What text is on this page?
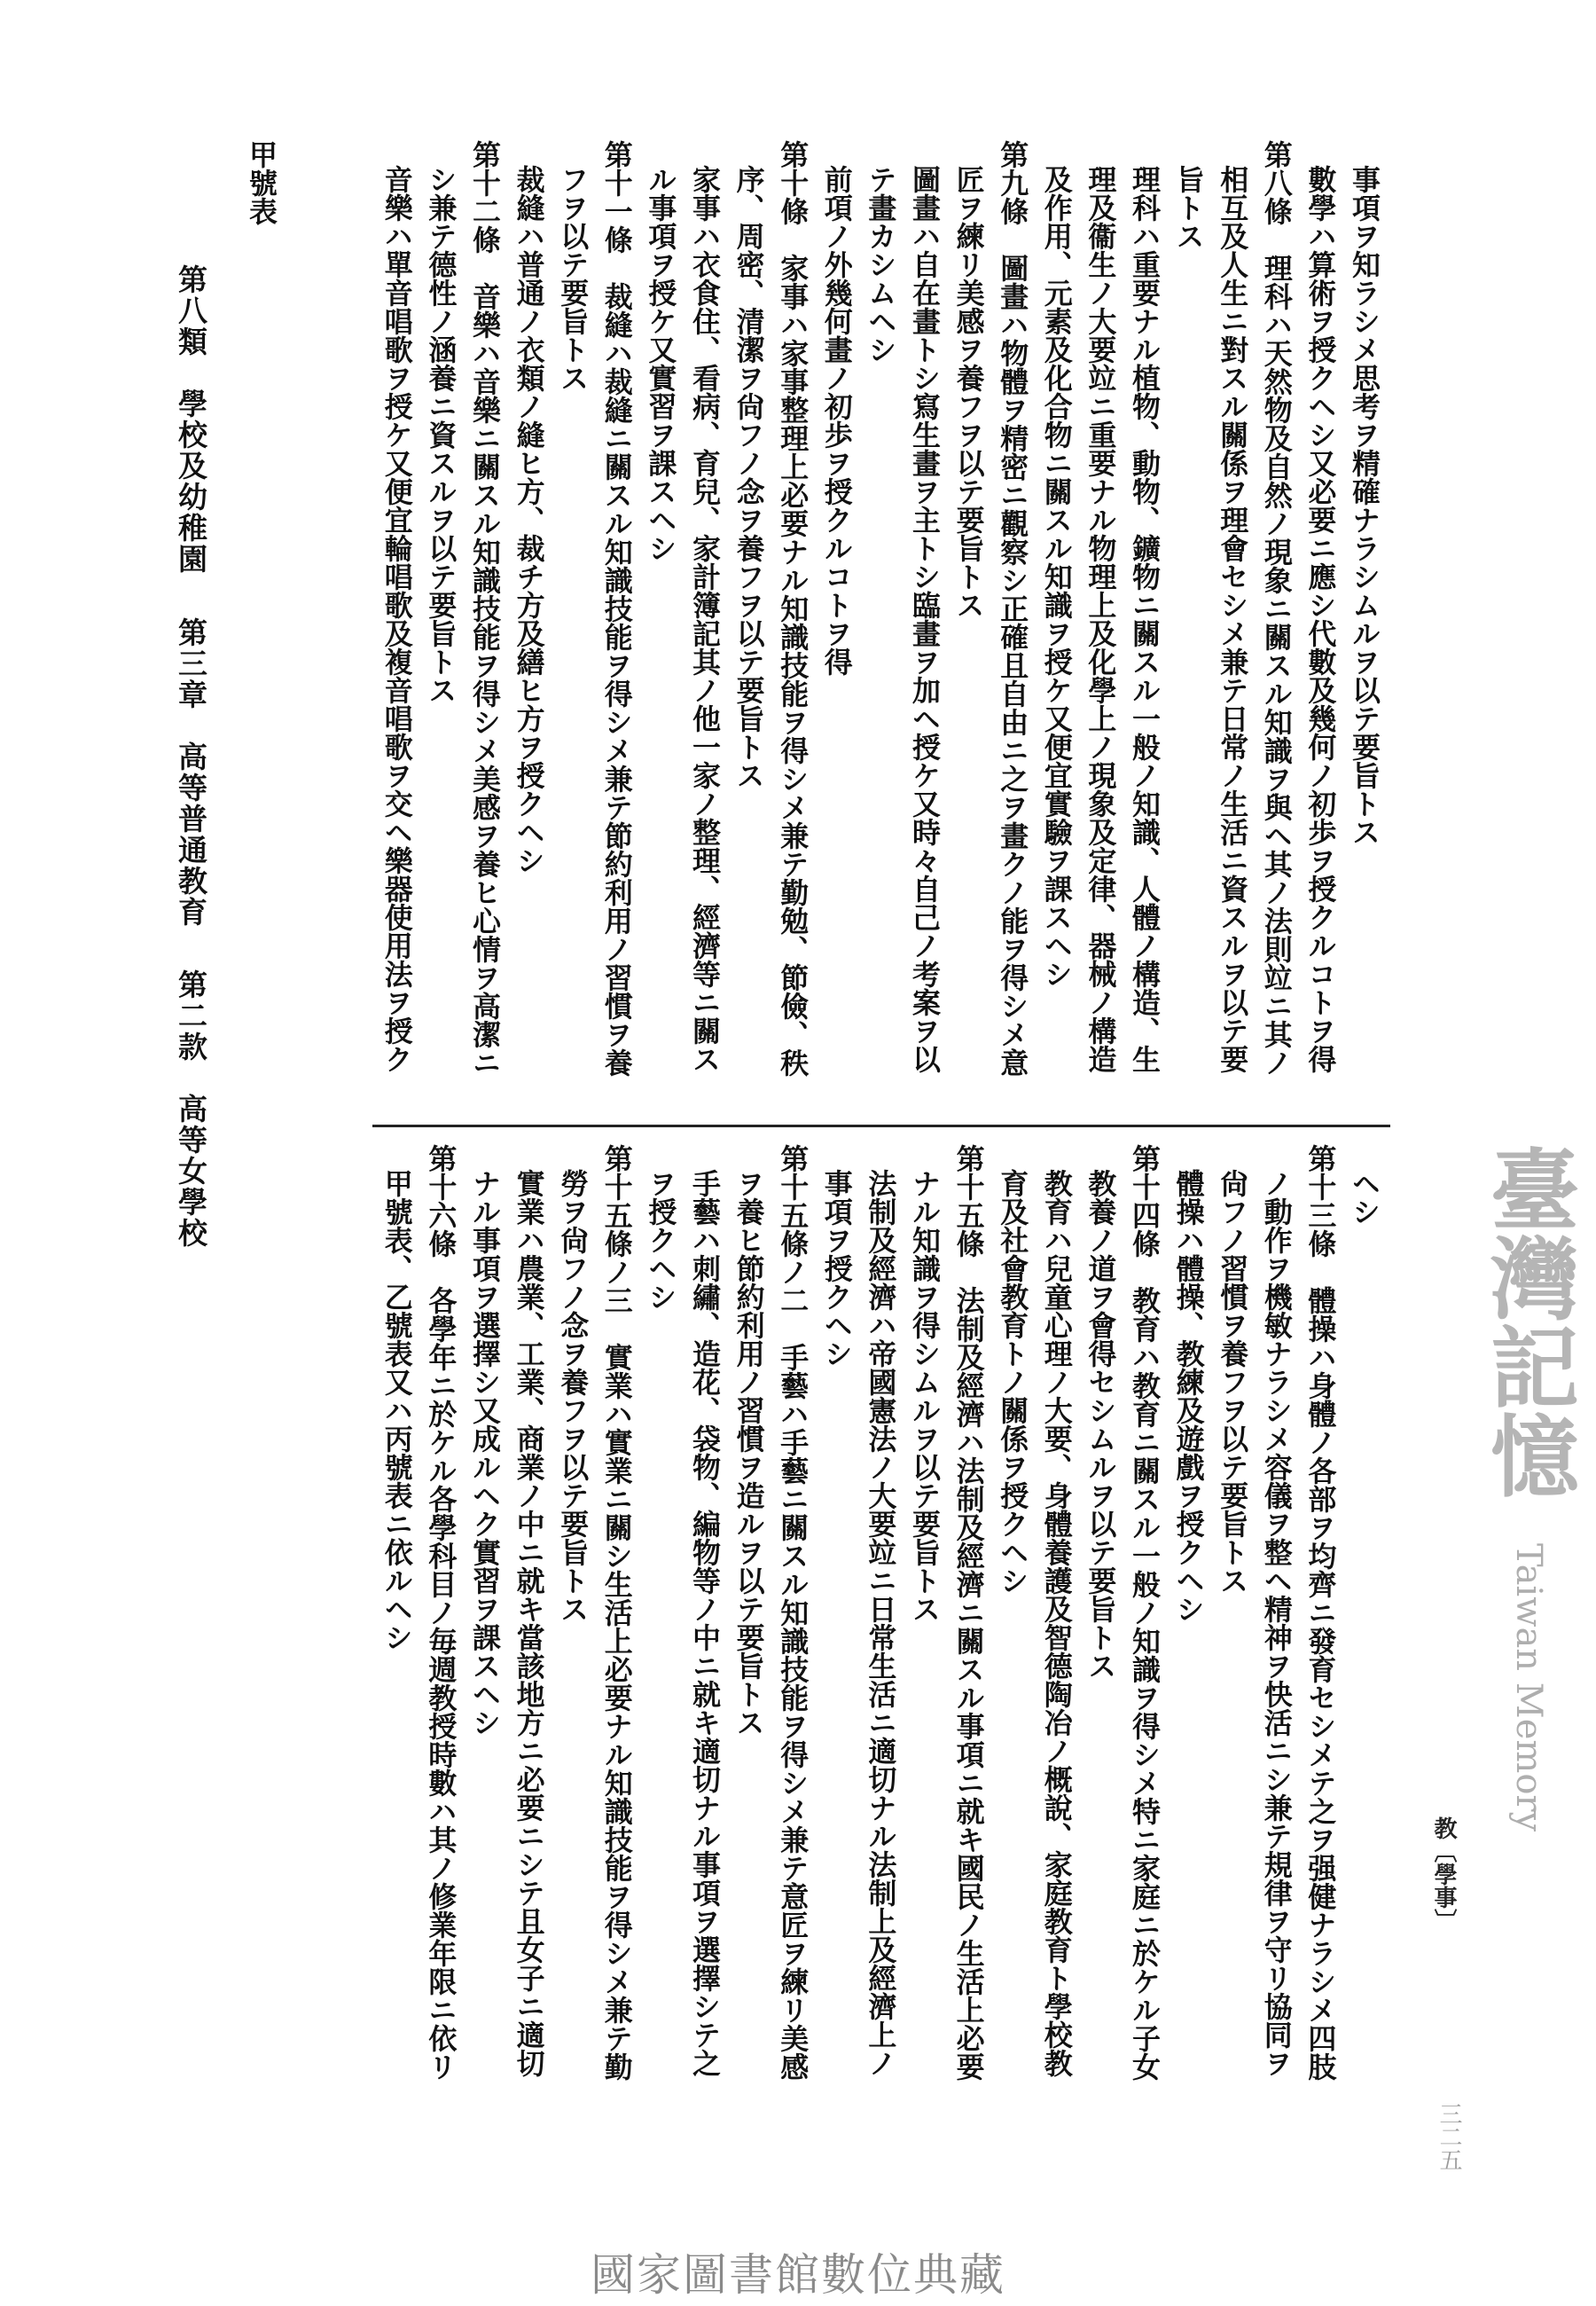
甲號表
第八類　學校及幼稚園 第三章　高等普通教育 第二款　高等女學校
教〔學事〕
三二五
臺灣記憶
Taiwan Memory
國家圖書館數位典藏
事項ヲ知ラシメ思考ヲ精確ナラシムルヲ以テ要旨トス
數學ハ算術ヲ授クヘシ又必要ニ應シ代數及幾何ノ初歩ヲ授クルコトヲ得
第八條　理科ハ天然物及自然ノ現象ニ關スル知識ヲ與ヘ其ノ法則竝ニ其ノ
相互及人生ニ對スル關係ヲ理會セシメ兼テ日常ノ生活ニ資スルヲ以テ要
旨トス
理科ハ重要ナル植物、動物、鑛物ニ關スル一般ノ知識、人體ノ構造、生
理及衞生ノ大要竝ニ重要ナル物理上及化學上ノ現象及定律、器械ノ構造
及作用、元素及化合物ニ關スル知識ヲ授ケ又便宜實驗ヲ課スヘシ
第九條　圖畫ハ物體ヲ精密ニ觀察シ正確且自由ニ之ヲ畫クノ能ヲ得シメ意
匠ヲ練リ美感ヲ養フヲ以テ要旨トス
圖畫ハ自在畫トシ寫生畫ヲ主トシ臨畫ヲ加ヘ授ケ又時々自己ノ考案ヲ以
テ畫カシムヘシ
前項ノ外幾何畫ノ初歩ヲ授クルコトヲ得
第十條　家事ハ家事整理上必要ナル知識技能ヲ得シメ兼テ勤勉、節儉、秩
序、周密、清潔ヲ尙フノ念ヲ養フヲ以テ要旨トス
家事ハ衣食住、看病、育兒、家計簿記其ノ他一家ノ整理、經濟等ニ關ス
ル事項ヲ授ケ又實習ヲ課スヘシ
第十一條　裁縫ハ裁縫ニ關スル知識技能ヲ得シメ兼テ節約利用ノ習慣ヲ養
フヲ以テ要旨トス
裁縫ハ普通ノ衣類ノ縫ヒ方、裁チ方及繕ヒ方ヲ授クヘシ
第十二條　音樂ハ音樂ニ關スル知識技能ヲ得シメ美感ヲ養ヒ心情ヲ高潔ニ
シ兼テ德性ノ涵養ニ資スルヲ以テ要旨トス
音樂ハ單音唱歌ヲ授ケ又便宜輪唱歌及複音唱歌ヲ交ヘ樂器使用法ヲ授ク
ヘシ
第十三條　體操ハ身體ノ各部ヲ均齊ニ發育セシメテ之ヲ强健ナラシメ四肢
ノ動作ヲ機敏ナラシメ容儀ヲ整ヘ精神ヲ快活ニシ兼テ規律ヲ守リ協同ヲ
尙フノ習慣ヲ養フヲ以テ要旨トス
體操ハ體操、教練及遊戲ヲ授クヘシ
第十四條　教育ハ教育ニ關スル一般ノ知識ヲ得シメ特ニ家庭ニ於ケル子女
教養ノ道ヲ會得セシムルヲ以テ要旨トス
教育ハ兒童心理ノ大要、身體養護及智德陶冶ノ概說、家庭教育ト學校教
育及社會教育トノ關係ヲ授クヘシ
第十五條　法制及經濟ハ法制及經濟ニ關スル事項ニ就キ國民ノ生活上必要
ナル知識ヲ得シムルヲ以テ要旨トス
法制及經濟ハ帝國憲法ノ大要竝ニ日常生活ニ適切ナル法制上及經濟上ノ
事項ヲ授クヘシ
第十五條ノ二　手藝ハ手藝ニ關スル知識技能ヲ得シメ兼テ意匠ヲ練リ美感
ヲ養ヒ節約利用ノ習慣ヲ造ルヲ以テ要旨トス
手藝ハ刺繡、造花、袋物、編物等ノ中ニ就キ適切ナル事項ヲ選擇シテ之
ヲ授クヘシ
第十五條ノ三　實業ハ實業ニ關シ生活上必要ナル知識技能ヲ得シメ兼テ勤
勞ヲ尙フノ念ヲ養フヲ以テ要旨トス
實業ハ農業、工業、商業ノ中ニ就キ當該地方ニ必要ニシテ且女子ニ適切
ナル事項ヲ選擇シ又成ルヘク實習ヲ課スヘシ
第十六條　各學年ニ於ケル各學科目ノ毎週教授時數ハ其ノ修業年限ニ依リ
甲號表、乙號表又ハ丙號表ニ依ルヘシ
